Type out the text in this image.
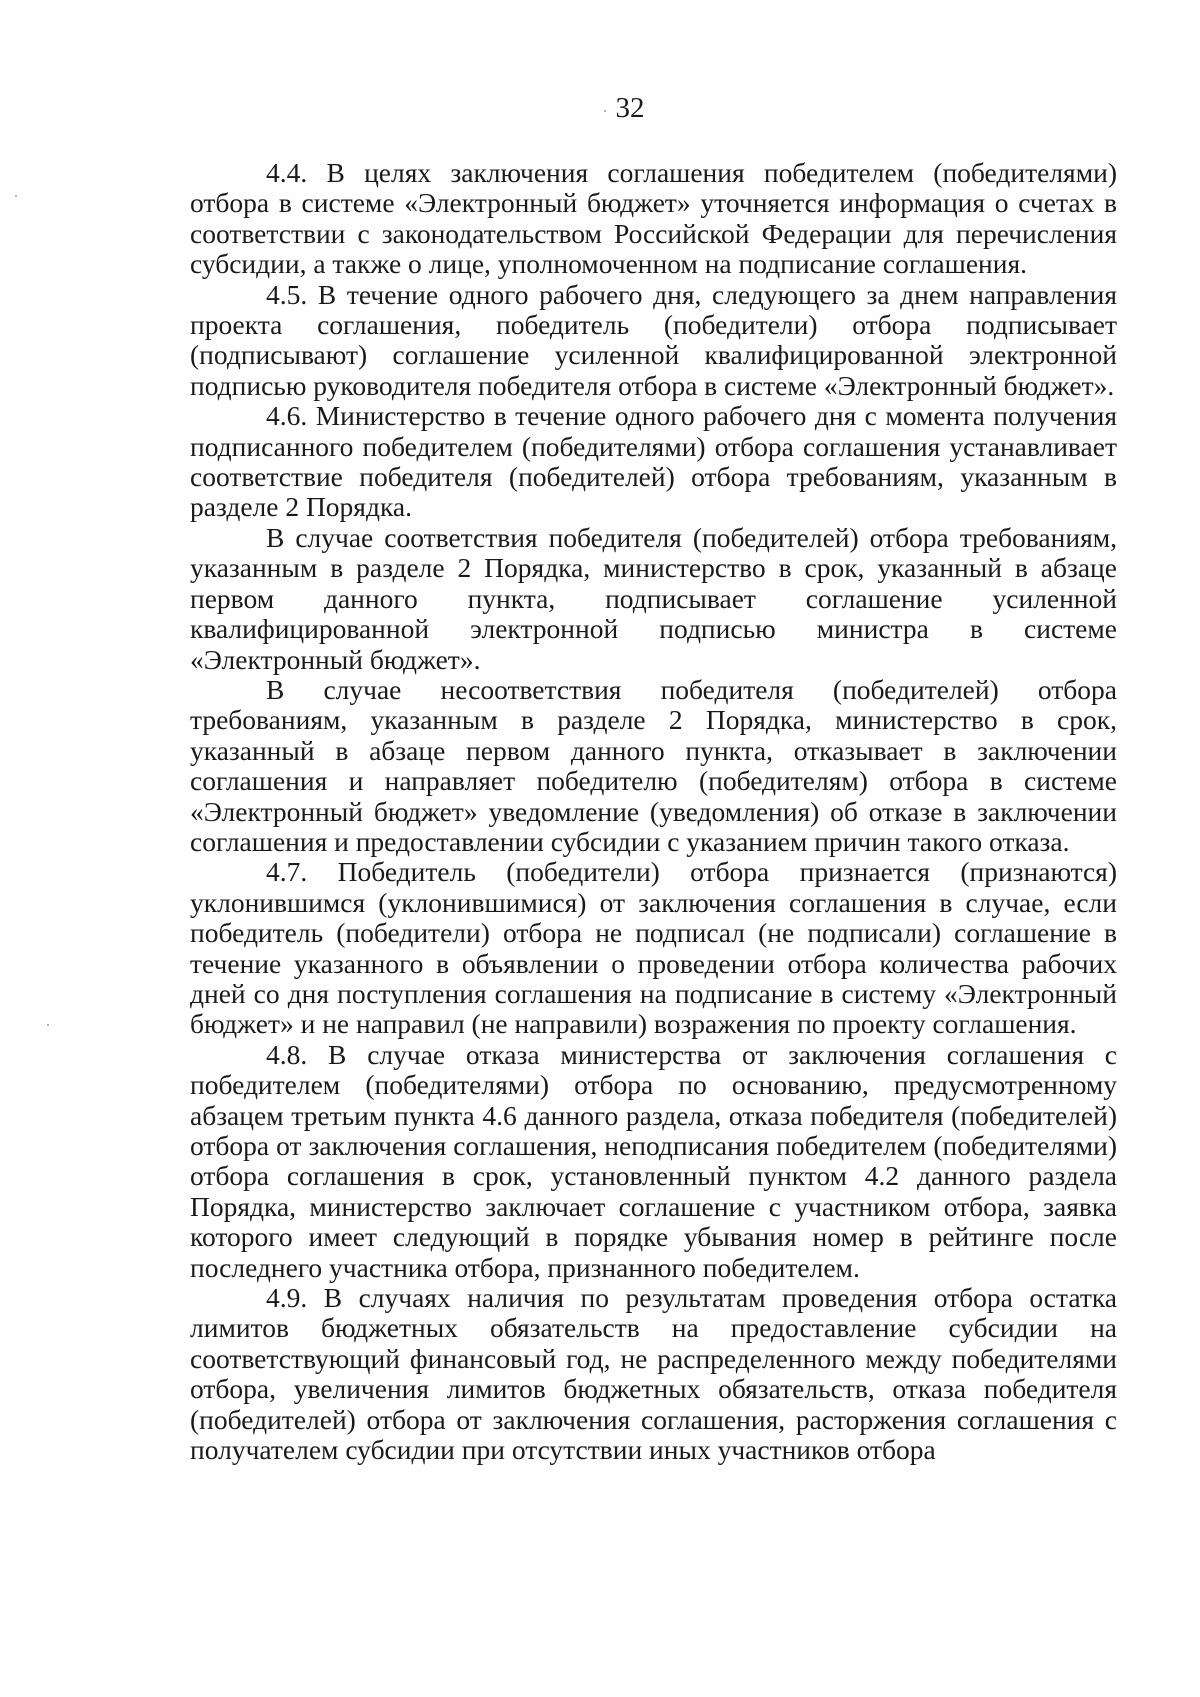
32

4.4. В целях заключения соглашения победителем (победителями) отбора в системе «Электронный бюджет» уточняется информация о счетах в соответствии с законодательством Российской Федерации для перечисления субсидии, а также о лице, уполномоченном на подписание соглашения.

4.5. В течение одного рабочего дня, следующего за днем направления проекта соглашения, победитель (победители) отбора подписывает (подписывают) соглашение усиленной квалифицированной электронной подписью руководителя победителя отбора в системе «Электронный бюджет».

4.6. Министерство в течение одного рабочего дня с момента получения подписанного победителем (победителями) отбора соглашения устанавливает соответствие победителя (победителей) отбора требованиям, указанным в разделе 2 Порядка.

В случае соответствия победителя (победителей) отбора требованиям, указанным в разделе 2 Порядка, министерство в срок, указанный в абзаце первом данного пункта, подписывает соглашение усиленной квалифицированной электронной подписью министра в системе «Электронный бюджет».

В случае несоответствия победителя (победителей) отбора требованиям, указанным в разделе 2 Порядка, министерство в срок, указанный в абзаце первом данного пункта, отказывает в заключении соглашения и направляет победителю (победителям) отбора в системе «Электронный бюджет» уведомление (уведомления) об отказе в заключении соглашения и предоставлении субсидии с указанием причин такого отказа.

4.7. Победитель (победители) отбора признается (признаются) уклонившимся (уклонившимися) от заключения соглашения в случае, если победитель (победители) отбора не подписал (не подписали) соглашение в течение указанного в объявлении о проведении отбора количества рабочих дней со дня поступления соглашения на подписание в систему «Электронный бюджет» и не направил (не направили) возражения по проекту соглашения.

4.8. В случае отказа министерства от заключения соглашения с победителем (победителями) отбора по основанию, предусмотренному абзацем третьим пункта 4.6 данного раздела, отказа победителя (победителей) отбора от заключения соглашения, неподписания победителем (победителями) отбора соглашения в срок, установленный пунктом 4.2 данного раздела Порядка, министерство заключает соглашение с участником отбора, заявка которого имеет следующий в порядке убывания номер в рейтинге после последнего участника отбора, признанного победителем.

4.9. В случаях наличия по результатам проведения отбора остатка лимитов бюджетных обязательств на предоставление субсидии на соответствующий финансовый год, не распределенного между победителями отбора, увеличения лимитов бюджетных обязательств, отказа победителя (победителей) отбора от заключения соглашения, расторжения соглашения с получателем субсидии при отсутствии иных участников отбора
